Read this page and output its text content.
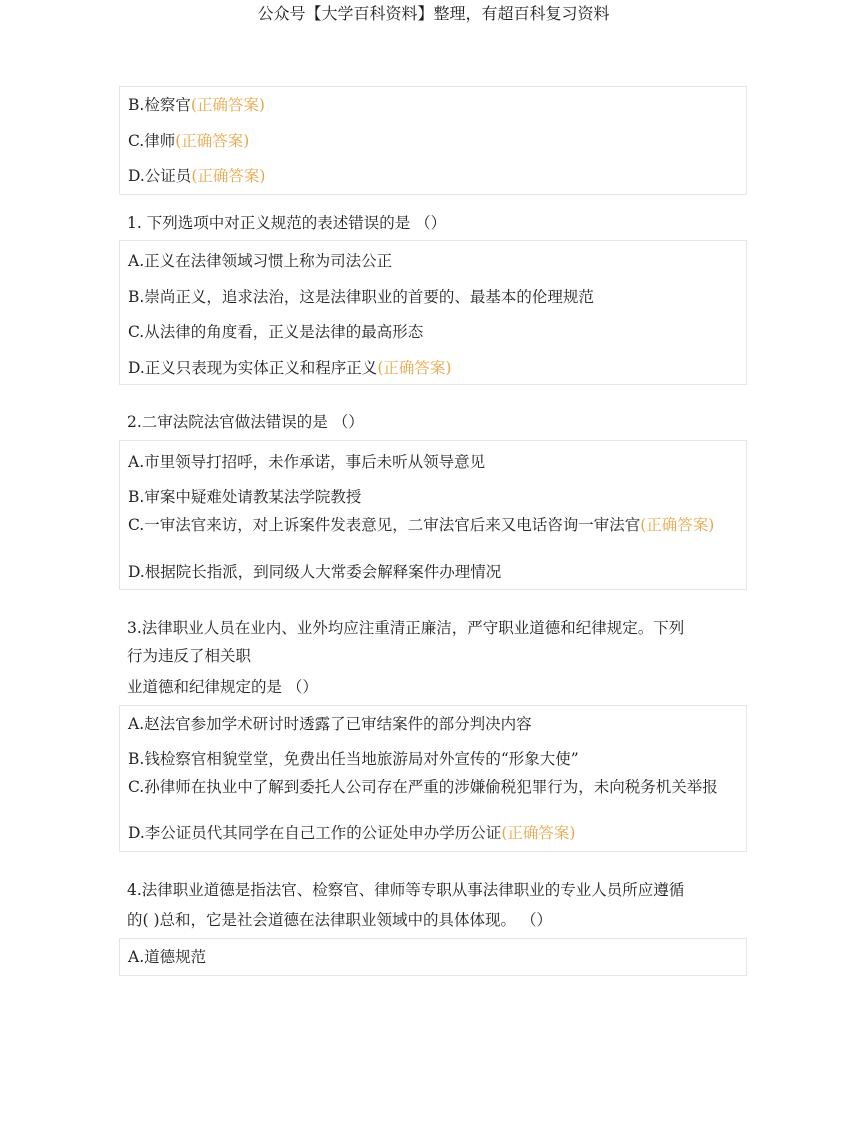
公众号【大学百科资料】整理，有超百科复习资料
B.检察官(正确答案)
C.律师(正确答案)
D.公证员(正确答案)
1. 下列选项中对正义规范的表述错误的是 （）
A.正义在法律领域习惯上称为司法公正
B.崇尚正义，追求法治，这是法律职业的首要的、最基本的伦理规范
C.从法律的角度看，正义是法律的最高形态
D.正义只表现为实体正义和程序正义(正确答案)
2.二审法院法官做法错误的是 （）
A.市里领导打招呼，未作承诺，事后未听从领导意见
B.审案中疑难处请教某法学院教授
C.一审法官来访，对上诉案件发表意见，二审法官后来又电话咨询一审法官(正确答案)
D.根据院长指派，到同级人大常委会解释案件办理情况
3.法律职业人员在业内、业外均应注重清正廉洁，严守职业道德和纪律规定。下列
行为违反了相关职
业道德和纪律规定的是 （）
A.赵法官参加学术研讨时透露了已审结案件的部分判决内容
B.钱检察官相貌堂堂，免费出任当地旅游局对外宣传的“形象大使”
C.孙律师在执业中了解到委托人公司存在严重的涉嫌偷税犯罪行为，未向税务机关举报
D.李公证员代其同学在自己工作的公证处申办学历公证(正确答案)
4.法律职业道德是指法官、检察官、律师等专职从事法律职业的专业人员所应遵循
的( )总和，它是社会道德在法律职业领域中的具体体现。 （）
A.道德规范
